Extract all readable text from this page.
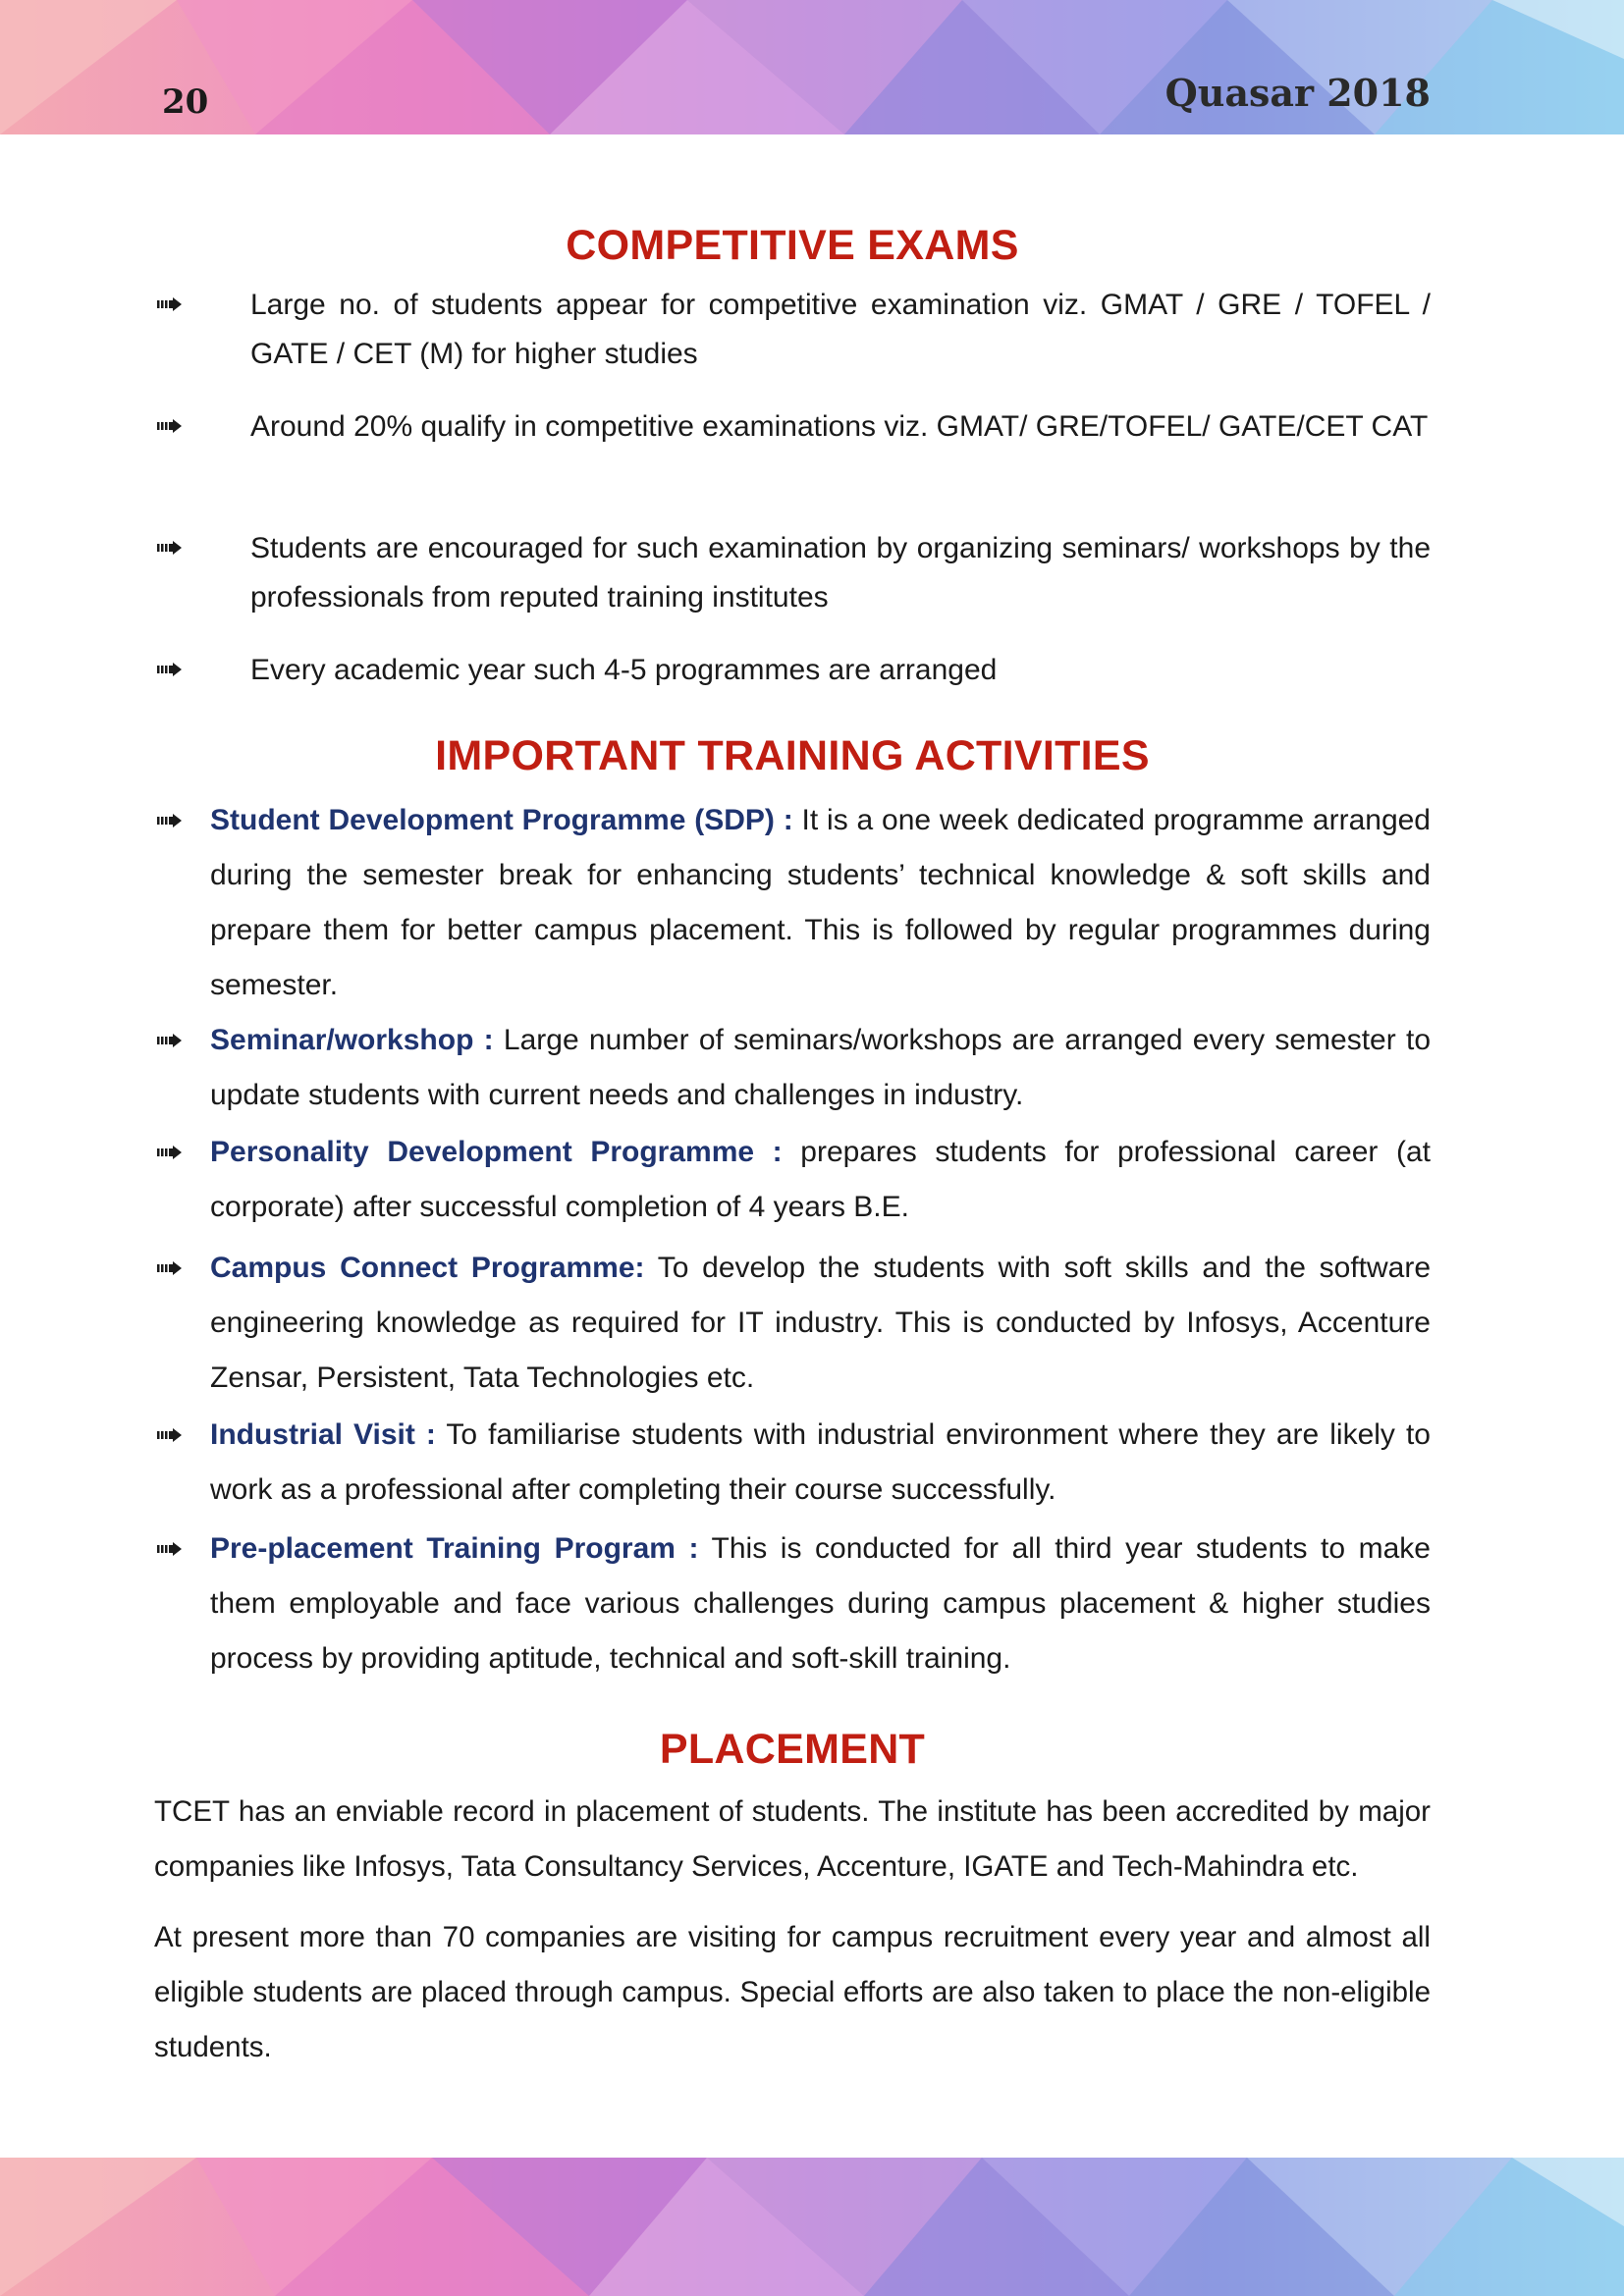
20	Quasar 2018
COMPETITIVE EXAMS
Large no. of students appear for competitive examination viz. GMAT / GRE / TOFEL / GATE / CET (M) for higher studies
Around 20% qualify in competitive examinations viz. GMAT/ GRE/TOFEL/ GATE/CET CAT
Students are encouraged for such examination by organizing seminars/ workshops by the professionals from reputed training institutes
Every academic year such 4-5 programmes are arranged
IMPORTANT TRAINING ACTIVITIES
Student Development Programme (SDP) : It is a one week dedicated programme arranged during the semester break for enhancing students’ technical knowledge & soft skills and prepare them for better campus placement. This is followed by regular programmes during semester.
Seminar/workshop : Large number of seminars/workshops are arranged every semester to update students with current needs and challenges in industry.
Personality Development Programme : prepares students for professional career (at corporate) after successful completion of 4 years B.E.
Campus Connect Programme: To develop the students with soft skills and the software engineering knowledge as required for IT industry. This is conducted by Infosys, Accenture Zensar, Persistent, Tata Technologies etc.
Industrial Visit : To familiarise students with industrial environment where they are likely to work as a professional after completing their course successfully.
Pre-placement Training Program : This is conducted for all third year students to make them employable and face various challenges during campus placement & higher studies process by providing aptitude, technical and soft-skill training.
PLACEMENT
TCET has an enviable record in placement of students. The institute has been accredited by major companies like Infosys, Tata Consultancy Services, Accenture, IGATE and Tech-Mahindra etc.
At present more than 70 companies are visiting for campus recruitment every year and almost all eligible students are placed through campus. Special efforts are also taken to place the non-eligible students.
